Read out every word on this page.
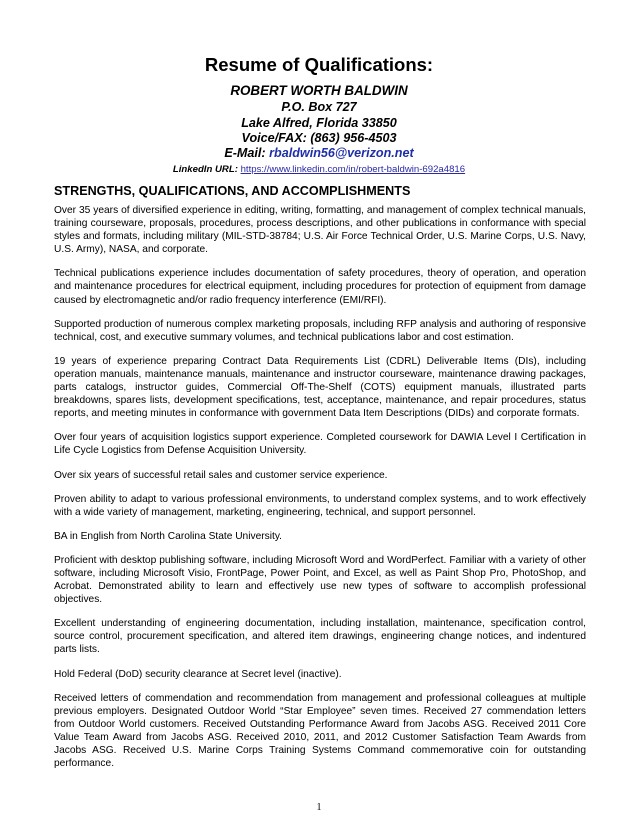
Resume of Qualifications:
ROBERT WORTH BALDWIN
P.O. Box 727
Lake Alfred, Florida 33850
Voice/FAX: (863) 956-4503
E-Mail: rbaldwin56@verizon.net
LinkedIn URL: https://www.linkedin.com/in/robert-baldwin-692a4816
STRENGTHS, QUALIFICATIONS, AND ACCOMPLISHMENTS

Over 35 years of diversified experience in editing, writing, formatting, and management of complex technical manuals, training courseware, proposals, procedures, process descriptions, and other publications in conformance with special styles and formats, including military (MIL-STD-38784; U.S. Air Force Technical Order, U.S. Marine Corps, U.S. Navy, U.S. Army), NASA, and corporate.

Technical publications experience includes documentation of safety procedures, theory of operation, and operation and maintenance procedures for electrical equipment, including procedures for protection of equipment from damage caused by electromagnetic and/or radio frequency interference (EMI/RFI).

Supported production of numerous complex marketing proposals, including RFP analysis and authoring of responsive technical, cost, and executive summary volumes, and technical publications labor and cost estimation.

19 years of experience preparing Contract Data Requirements List (CDRL) Deliverable Items (DIs), including operation manuals, maintenance manuals, maintenance and instructor courseware, maintenance drawing packages, parts catalogs, instructor guides, Commercial Off-The-Shelf (COTS) equipment manuals, illustrated parts breakdowns, spares lists, development specifications, test, acceptance, maintenance, and repair procedures, status reports, and meeting minutes in conformance with government Data Item Descriptions (DIDs) and corporate formats.

Over four years of acquisition logistics support experience. Completed coursework for DAWIA Level I Certification in Life Cycle Logistics from Defense Acquisition University.

Over six years of successful retail sales and customer service experience.

Proven ability to adapt to various professional environments, to understand complex systems, and to work effectively with a wide variety of management, marketing, engineering, technical, and support personnel.

BA in English from North Carolina State University.

Proficient with desktop publishing software, including Microsoft Word and WordPerfect. Familiar with a variety of other software, including Microsoft Visio, FrontPage, Power Point, and Excel, as well as Paint Shop Pro, PhotoShop, and Acrobat. Demonstrated ability to learn and effectively use new types of software to accomplish professional objectives.

Excellent understanding of engineering documentation, including installation, maintenance, specification control, source control, procurement specification, and altered item drawings, engineering change notices, and indentured parts lists.

Hold Federal (DoD) security clearance at Secret level (inactive).

Received letters of commendation and recommendation from management and professional colleagues at multiple previous employers. Designated Outdoor World “Star Employee” seven times. Received 27 commendation letters from Outdoor World customers. Received Outstanding Performance Award from Jacobs ASG. Received 2011 Core Value Team Award from Jacobs ASG. Received 2010, 2011, and 2012 Customer Satisfaction Team Awards from Jacobs ASG. Received U.S. Marine Corps Training Systems Command commemorative coin for outstanding performance.

1
